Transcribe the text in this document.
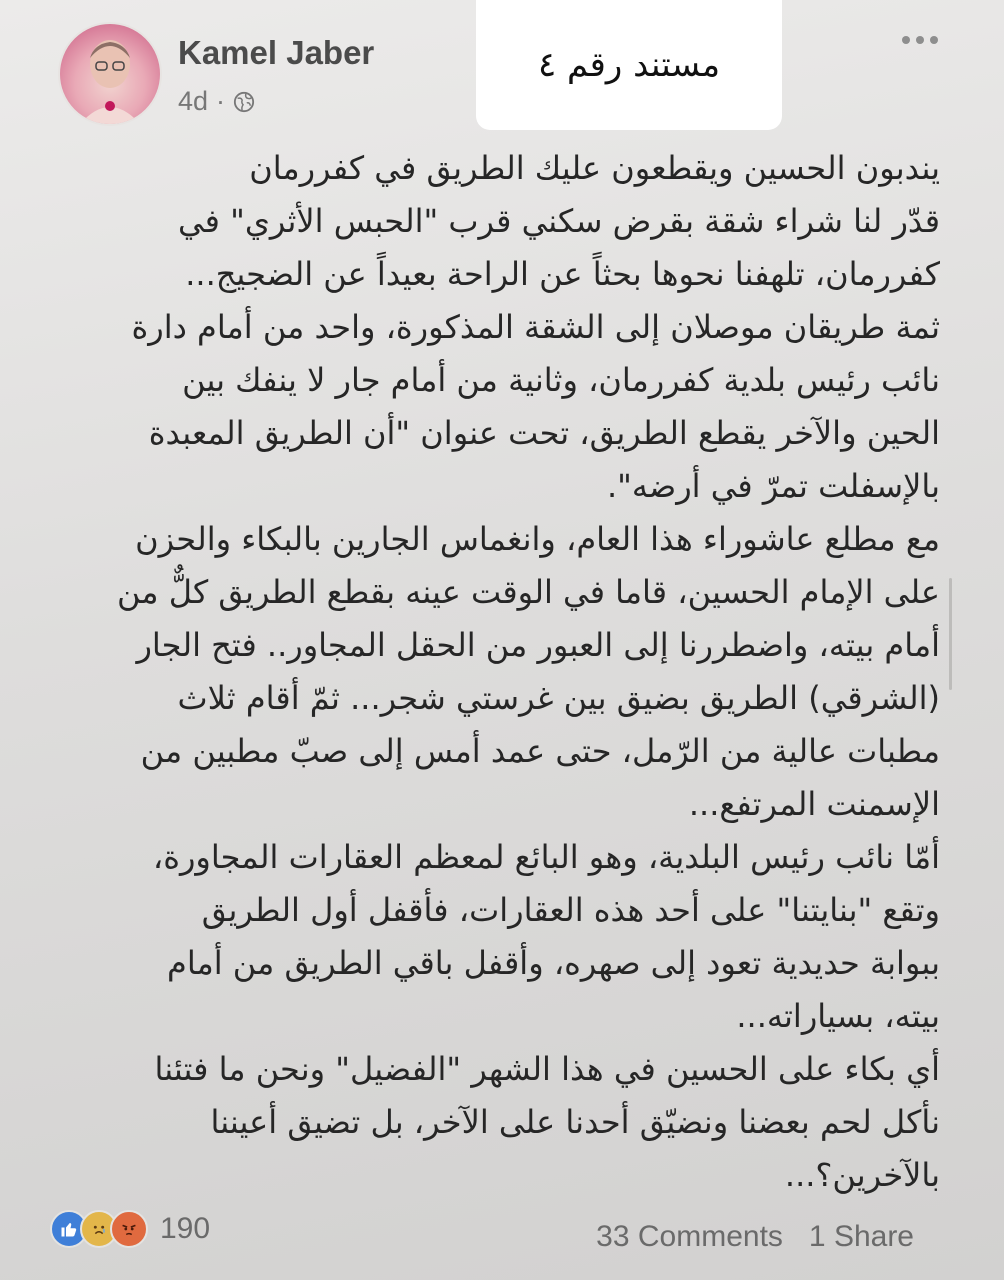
Kamel Jaber
4d ·
مستند رقم ٤
يندبون الحسين ويقطعون عليك الطريق في كفررمان
قدّر لنا شراء شقة بقرض سكني قرب "الحبس الأثري" في
كفررمان، تلهفنا نحوها بحثاً عن الراحة بعيداً عن الضجيج...
ثمة طريقان موصلان إلى الشقة المذكورة، واحد من أمام دارة
نائب رئيس بلدية كفررمان، وثانية من أمام جار لا ينفك بين
الحين والآخر يقطع الطريق، تحت عنوان "أن الطريق المعبدة
بالإسفلت تمرّ في أرضه".
مع مطلع عاشوراء هذا العام، وانغماس الجارين بالبكاء والحزن
على الإمام الحسين، قاما في الوقت عينه بقطع الطريق كلٌّ من
أمام بيته، واضطررنا إلى العبور من الحقل المجاور.. فتح الجار
(الشرقي) الطريق بضيق بين غرستي شجر... ثمّ أقام ثلاث
مطبات عالية من الرّمل، حتى عمد أمس إلى صبّ مطبين من
الإسمنت المرتفع...
أمّا نائب رئيس البلدية، وهو البائع لمعظم العقارات المجاورة،
وتقع "بنايتنا" على أحد هذه العقارات، فأقفل أول الطريق
ببوابة حديدية تعود إلى صهره، وأقفل باقي الطريق من أمام
بيته، بسياراته...
أي بكاء على الحسين في هذا الشهر "الفضيل" ونحن ما فتئنا
نأكل لحم بعضنا ونضيّق أحدنا على الآخر، بل تضيق أعيننا
بالآخرين؟...
190	33 Comments 1 Share
